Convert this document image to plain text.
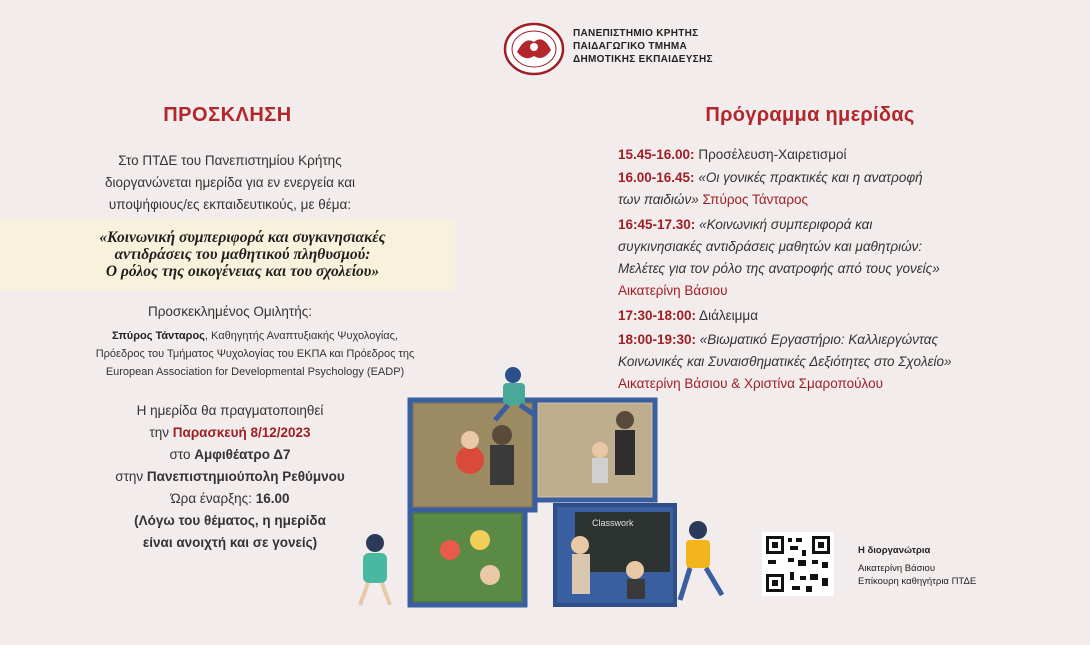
ΠΑΝΕΠΙΣΤΗΜΙΟ ΚΡΗΤΗΣ
ΠΑΙΔΑΓΩΓΙΚΟ ΤΜΗΜΑ
ΔΗΜΟΤΙΚΗΣ ΕΚΠΑΙΔΕΥΣΗΣ
ΠΡΟΣΚΛΗΣΗ
Στο ΠΤΔΕ του Πανεπιστημίου Κρήτης
διοργανώνεται ημερίδα για εν ενεργεία και
υποψήφιους/ες εκπαιδευτικούς, με θέμα:
«Κοινωνική συμπεριφορά και συγκινησιακές
αντιδράσεις του μαθητικού πληθυσμού:
Ο ρόλος της οικογένειας και του σχολείου»
Προσκεκλημένος Ομιλητής:
Σπύρος Τάνταρος, Καθηγητής Αναπτυξιακής Ψυχολογίας,
Πρόεδρος του Τμήματος Ψυχολογίας του ΕΚΠΑ και Πρόεδρος της
European Association for Developmental Psychology (EADP)
Η ημερίδα θα πραγματοποιηθεί
την Παρασκευή 8/12/2023
στο Αμφιθέατρο Δ7
στην Πανεπιστημιούπολη Ρεθύμνου
Ώρα έναρξης: 16.00
(Λόγω του θέματος, η ημερίδα
είναι ανοιχτή και σε γονείς)
Πρόγραμμα ημερίδας
15.45-16.00: Προσέλευση-Χαιρετισμοί
16.00-16.45: «Οι γονικές πρακτικές και η ανατροφή
των παιδιών» Σπύρος Τάνταρος
16:45-17.30: «Κοινωνική συμπεριφορά και
συγκινησιακές αντιδράσεις μαθητών και μαθητριών:
Μελέτες για τον ρόλο της ανατροφής από τους γονείς»
Αικατερίνη Βάσιου
17:30-18:00: Διάλειμμα
18:00-19:30: «Βιωματικό Εργαστήριο: Καλλιεργώντας
Κοινωνικές και Συναισθηματικές Δεξιότητες στο Σχολείο»
Αικατερίνη Βάσιου & Χριστίνα Σμαροπούλου
Classwork
Η διοργανώτρια
Αικατερίνη Βάσιου
Επίκουρη καθηγήτρια ΠΤΔΕ
